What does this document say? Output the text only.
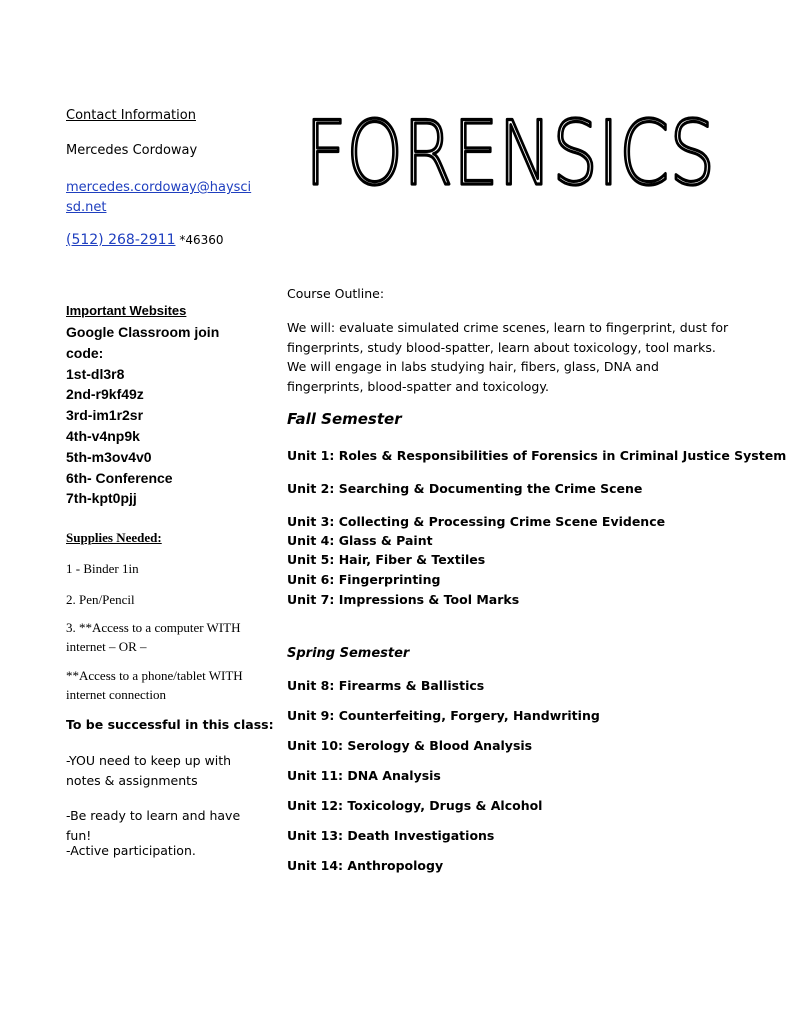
Contact Information
Mercedes Cordoway
mercedes.cordoway@hayscisd.net
(512) 268-2911 *46360
Important Websites
Google Classroom join code:
1st-dl3r8
2nd-r9kf49z
3rd-im1r2sr
4th-v4np9k
5th-m3ov4v0
6th- Conference
7th-kpt0pjj
Supplies Needed:
1 - Binder 1in
2. Pen/Pencil
3. **Access to a computer WITH internet – OR –
**Access to a phone/tablet WITH internet connection
To be successful in this class:
-YOU need to keep up with notes & assignments
-Be ready to learn and have fun!
-Active participation.
FORENSICS
Course Outline:
We will: evaluate simulated crime scenes, learn to fingerprint, dust for fingerprints, study blood-spatter, learn about toxicology, tool marks. We will engage in labs studying hair, fibers, glass, DNA and fingerprints, blood-spatter and toxicology.
Fall Semester
Unit 1: Roles & Responsibilities of Forensics in Criminal Justice System
Unit 2: Searching & Documenting the Crime Scene
Unit 3: Collecting & Processing Crime Scene Evidence
Unit 4: Glass & Paint
Unit 5: Hair, Fiber & Textiles
Unit 6: Fingerprinting
Unit 7: Impressions & Tool Marks
Spring Semester
Unit 8: Firearms & Ballistics
Unit 9: Counterfeiting, Forgery, Handwriting
Unit 10: Serology & Blood Analysis
Unit 11: DNA Analysis
Unit 12: Toxicology, Drugs & Alcohol
Unit 13: Death Investigations
Unit 14: Anthropology
